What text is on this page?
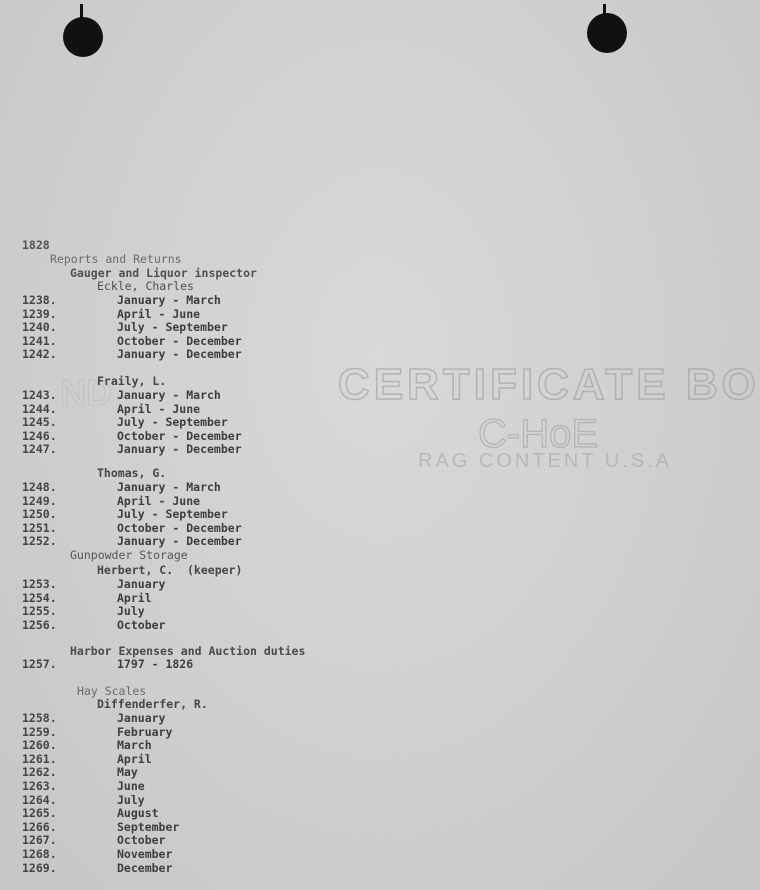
ND	CERTIFICATE BO
C-HoE
RAG CONTENT U.S.A
1828
Reports and Returns
Gauger and Liquor inspector
Eckle, Charles
1238.	January - March
1239.	April - June
1240.	July - September
1241.	October - December
1242.	January - December
Fraily, L.
1243.	January - March
1244.	April - June
1245.	July - September
1246.	October - December
1247.	January - December
Thomas, G.
1248.	January - March
1249.	April - June
1250.	July - September
1251.	October - December
1252.	January - December
Gunpowder Storage
Herbert, C.  (keeper)
1253.	January
1254.	April
1255.	July
1256.	October
Harbor Expenses and Auction duties
1257.	1797 - 1826
Hay Scales
Diffenderfer, R.
1258.	January
1259.	February
1260.	March
1261.	April
1262.	May
1263.	June
1264.	July
1265.	August
1266.	September
1267.	October
1268.	November
1269.	December
